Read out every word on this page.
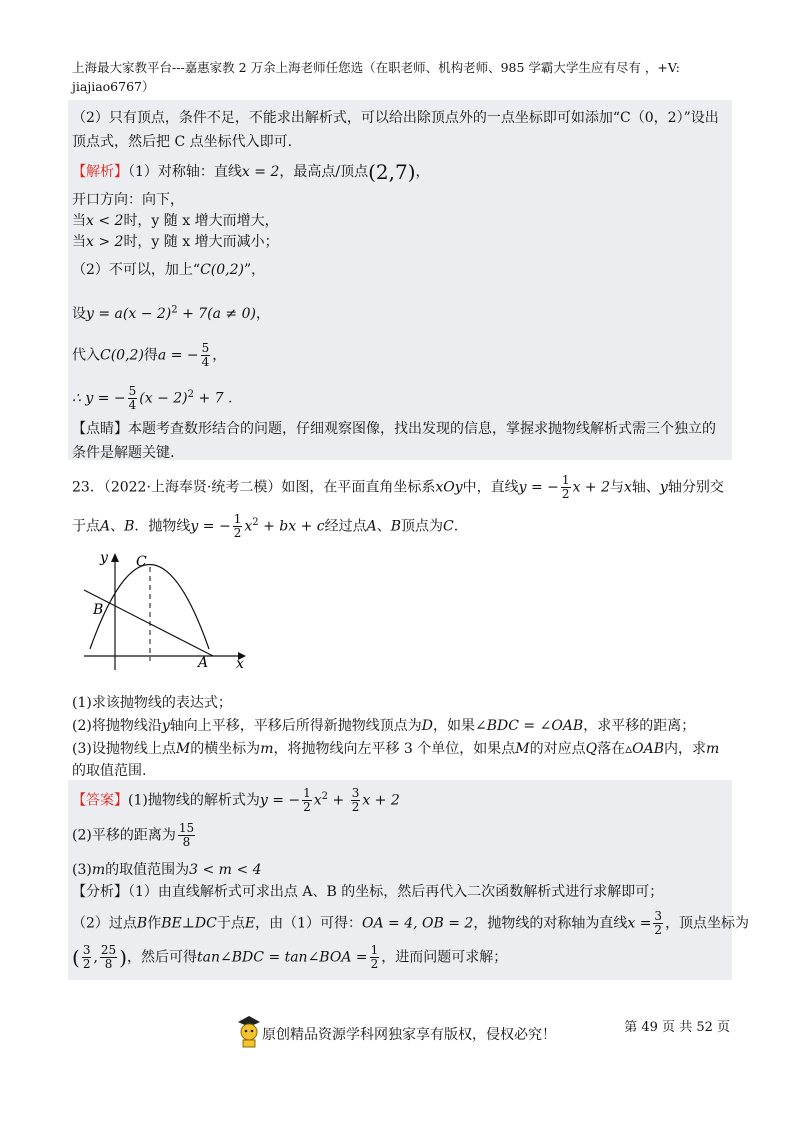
上海最大家教平台---嘉惠家教 2 万余上海老师任您选（在职老师、机构老师、985 学霸大学生应有尽有 ，+V:
jiajiao6767）
（2）只有顶点，条件不足，不能求出解析式，可以给出除顶点外的一点坐标即可如添加“C（0，2）”设出
顶点式，然后把 C 点坐标代入即可.
【解析】（1）对称轴：直线x = 2，最高点/顶点(2,7)，
开口方向：向下，
当x < 2时，y 随 x 增大而增大，
当x > 2时，y 随 x 增大而减小；
（2）不可以，加上“C(0,2)”，
设$y = a(x - 2)^2 + 7(a \ne 0)$，
代入C(0,2)得a = − $\frac{5}{4}$ ，
∴ y = − $\frac{5}{4} (x - 2)^2 + 7$ .
【点睛】本题考查数形结合的问题，仔细观察图像，找出发现的信息，掌握求抛物线解析式需三个独立的
条件是解题关键.
23．（2022·上海奉贤·统考二模）如图，在平面直角坐标系xOy中，直线y = − $\frac{1}{2}$ x + 2与x轴、y轴分别交
于点A、B．抛物线y = − $\frac{1}{2} x^2$ + bx + c经过点A、B顶点为C.
y
x
C
B
A
(1)求该抛物线的表达式；
(2)将抛物线沿y轴向上平移，平移后所得新抛物线顶点为D，如果∠BDC = ∠OAB，求平移的距离；
(3)设抛物线上点M的横坐标为m，将抛物线向左平移 3 个单位，如果点M的对应点Q落在▵OAB内，求m
的取值范围.
【答案】(1)抛物线的解析式为y = − $\frac{1}{2} x^2 + \frac{3}{2}$ x + 2
(2)平移的距离为 $\frac{15}{8}$
(3)m的取值范围为3 < m < 4
【分析】（1）由直线解析式可求出点 A、B 的坐标，然后再代入二次函数解析式进行求解即可；
（2）过点B作BE⊥DC于点E，由（1）可得：OA = 4, OB = 2，抛物线的对称轴为直线$x = \frac{3}{2}$ ，顶点坐标为
( $\frac{3}{2}$ , $\frac{25}{8}$ )，然后可得tan∠BDC = tan∠BOA = $\frac{1}{2}$ ，进而问题可求解；
原创精品资源学科网独家享有版权，侵权必究！	第 49 页 共 52 页
